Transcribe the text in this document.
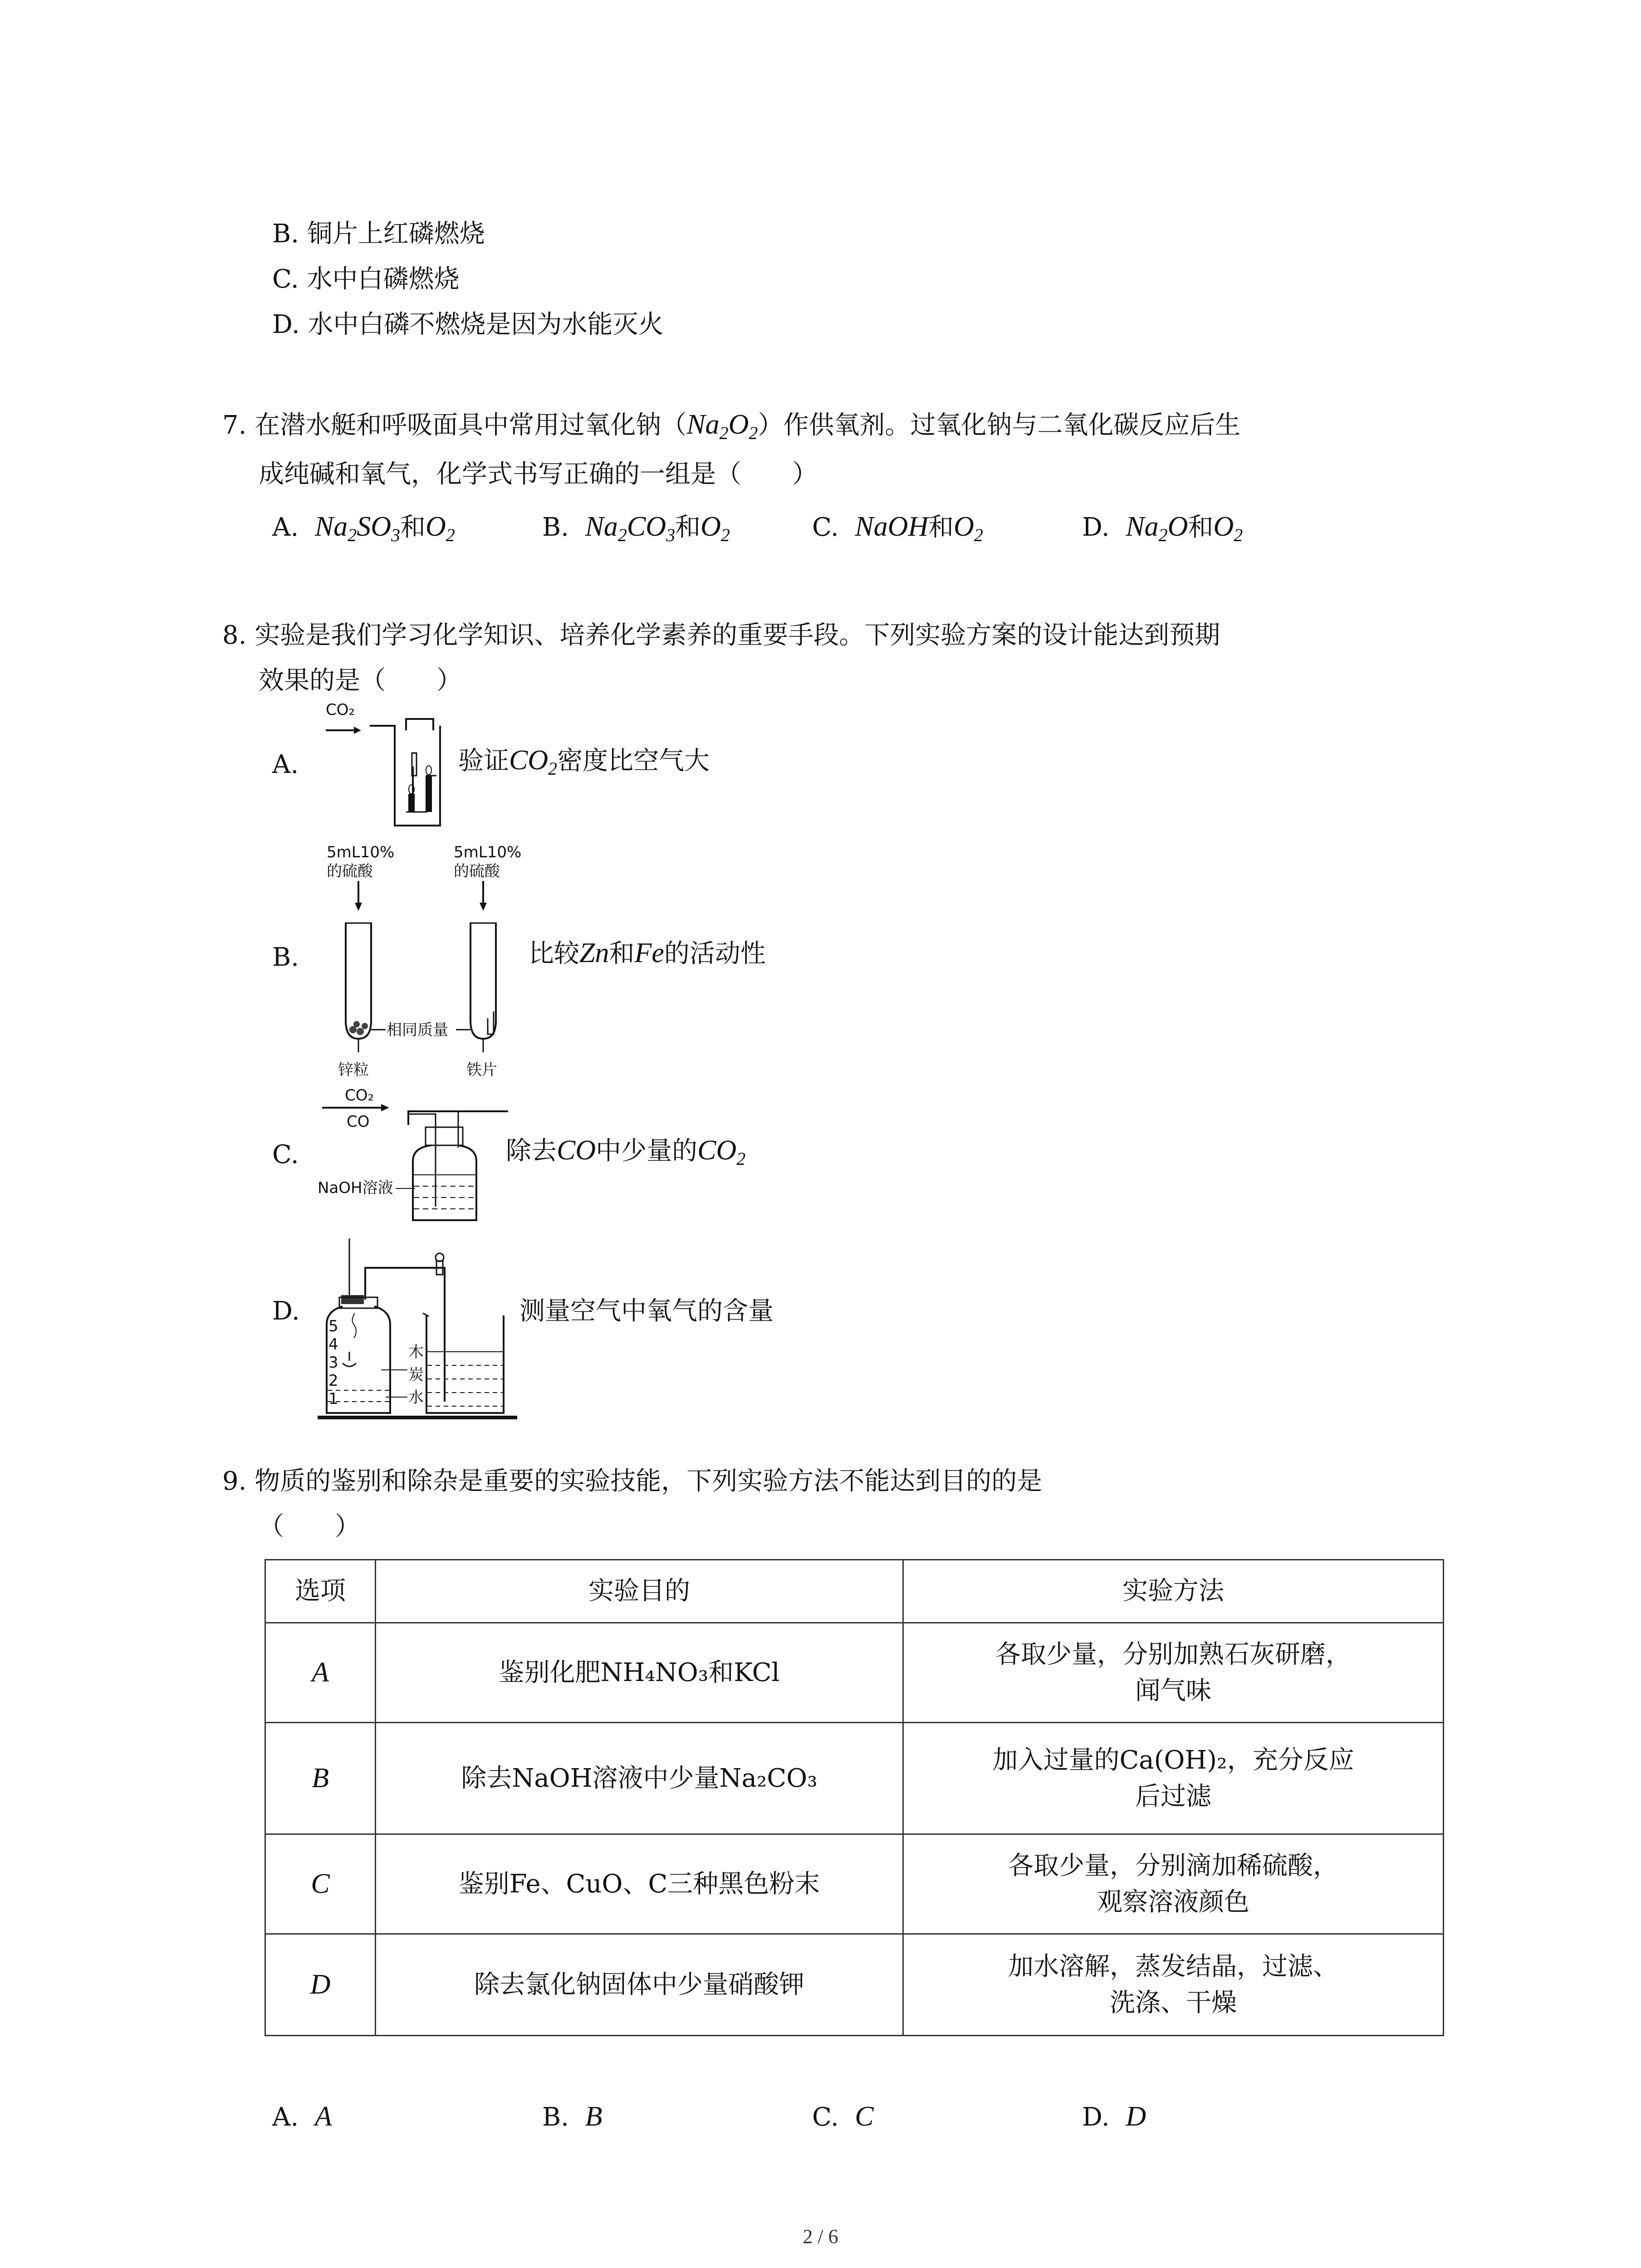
B. 铜片上红磷燃烧
C. 水中白磷燃烧
D. 水中白磷不燃烧是因为水能灭火
7. 在潜水艇和呼吸面具中常用过氧化钠$(Na_2O_2)$作供氧剂。过氧化钠与二氧化碳反应后生
成纯碱和氧气，化学式书写正确的一组是（　　）
A. $Na_2SO_3$和$O_2$	B. $Na_2CO_3$和$O_2$	C. NaOH和$O_2$	D. $Na_2O$和$O_2$
8. 实验是我们学习化学知识、培养化学素养的重要手段。下列实验方案的设计能达到预期
效果的是（　　）
A.
CO₂
验证$CO_2$密度比空气大
B.
5mL10%
的硫酸
5mL10%
的硫酸
相同质量
锌粒	铁片
比较Zn和Fe的活动性
C.
CO₂
CO
NaOH溶液
除去CO中少量的$CO_2$
D.
5
4
3
2
1
木
炭
水
测量空气中氧气的含量
9. 物质的鉴别和除杂是重要的实验技能，下列实验方法不能达到目的的是
（　　）
选项	实验目的	实验方法
A	鉴别化肥NH₄NO₃和KCl	各取少量，分别加熟石灰研磨，
闻气味

B	除去NaOH溶液中少量Na₂CO₃	加入过量的Ca(OH)₂，充分反应
后过滤

C	鉴别Fe、CuO、C三种黑色粉末	各取少量，分别滴加稀硫酸，
观察溶液颜色

D	除去氯化钠固体中少量硝酸钾	加水溶解，蒸发结晶，过滤、
洗涤、干燥
A. A	B. B	C. C	D. D
2 / 6
